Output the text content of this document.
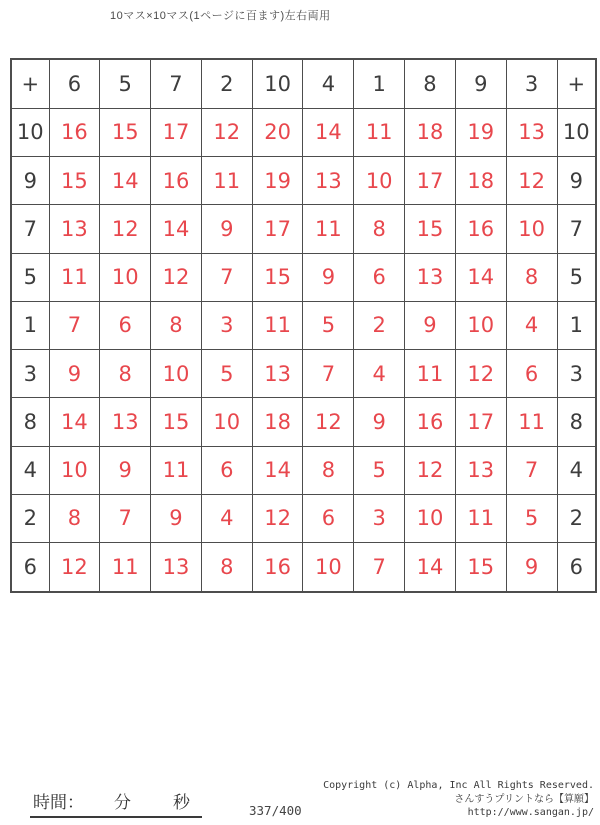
10マス×10マス(1ページに百ます)左右両用
+	6	5	7	2	10	4	1	8	9	3	+
10	16	15	17	12	20	14	11	18	19	13	10
9	15	14	16	11	19	13	10	17	18	12	9
7	13	12	14	9	17	11	8	15	16	10	7
5	11	10	12	7	15	9	6	13	14	8	5
1	7	6	8	3	11	5	2	9	10	4	1
3	9	8	10	5	13	7	4	11	12	6	3
8	14	13	15	10	18	12	9	16	17	11	8
4	10	9	11	6	14	8	5	12	13	7	4
2	8	7	9	4	12	6	3	10	11	5	2
6	12	11	13	8	16	10	7	14	15	9	6
時間： 分 秒	337/400
Copyright (c) Alpha, Inc All Rights Reserved.
さんすうプリントなら【算願】
http://www.sangan.jp/
